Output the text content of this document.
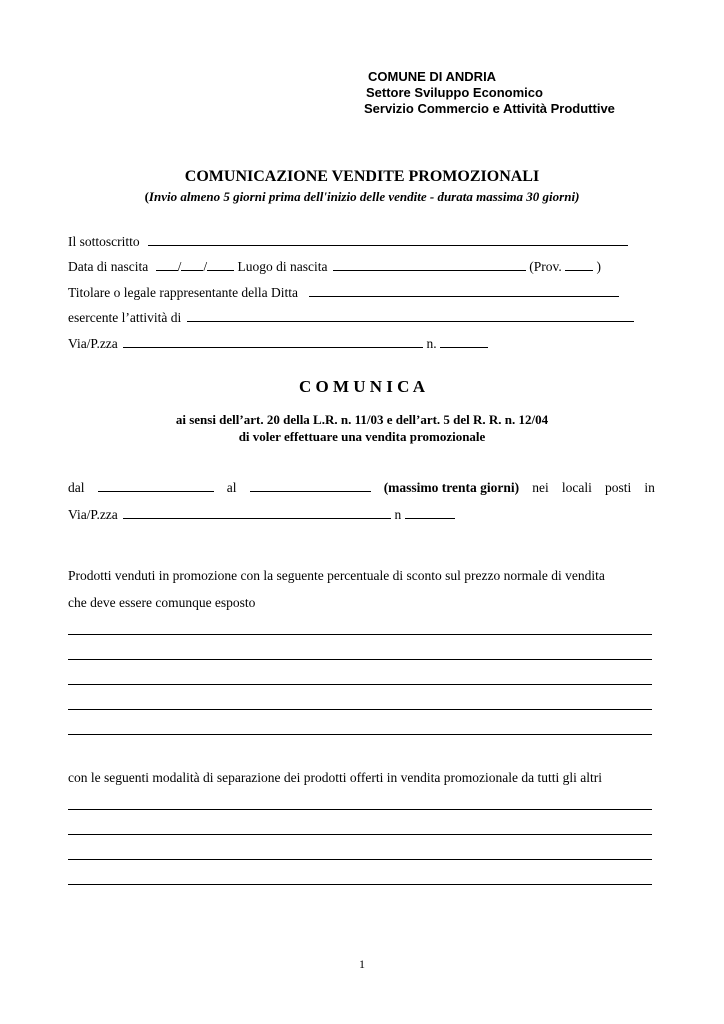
COMUNE DI ANDRIA
Settore Sviluppo Economico
Servizio Commercio e Attività Produttive
COMUNICAZIONE VENDITE PROMOZIONALI
(Invio almeno 5 giorni prima dell'inizio delle vendite - durata massima 30 giorni)
Il sottoscritto
Data di nascita / / Luogo di nascita	(Prov.	)
Titolare o legale rappresentante della Ditta
esercente l’attività di
Via/P.zza	n.
C O M U N I C A
ai sensi dell’art. 20 della L.R. n. 11/03 e dell’art. 5 del R. R. n. 12/04
di voler effettuare una vendita promozionale
dal	al	(massimo trenta giorni) nei locali posti in
Via/P.zza	n
Prodotti venduti in promozione con la seguente percentuale di sconto sul prezzo normale di vendita
che deve essere comunque esposto
con le seguenti modalità di separazione dei prodotti offerti in vendita promozionale da tutti gli altri
1
